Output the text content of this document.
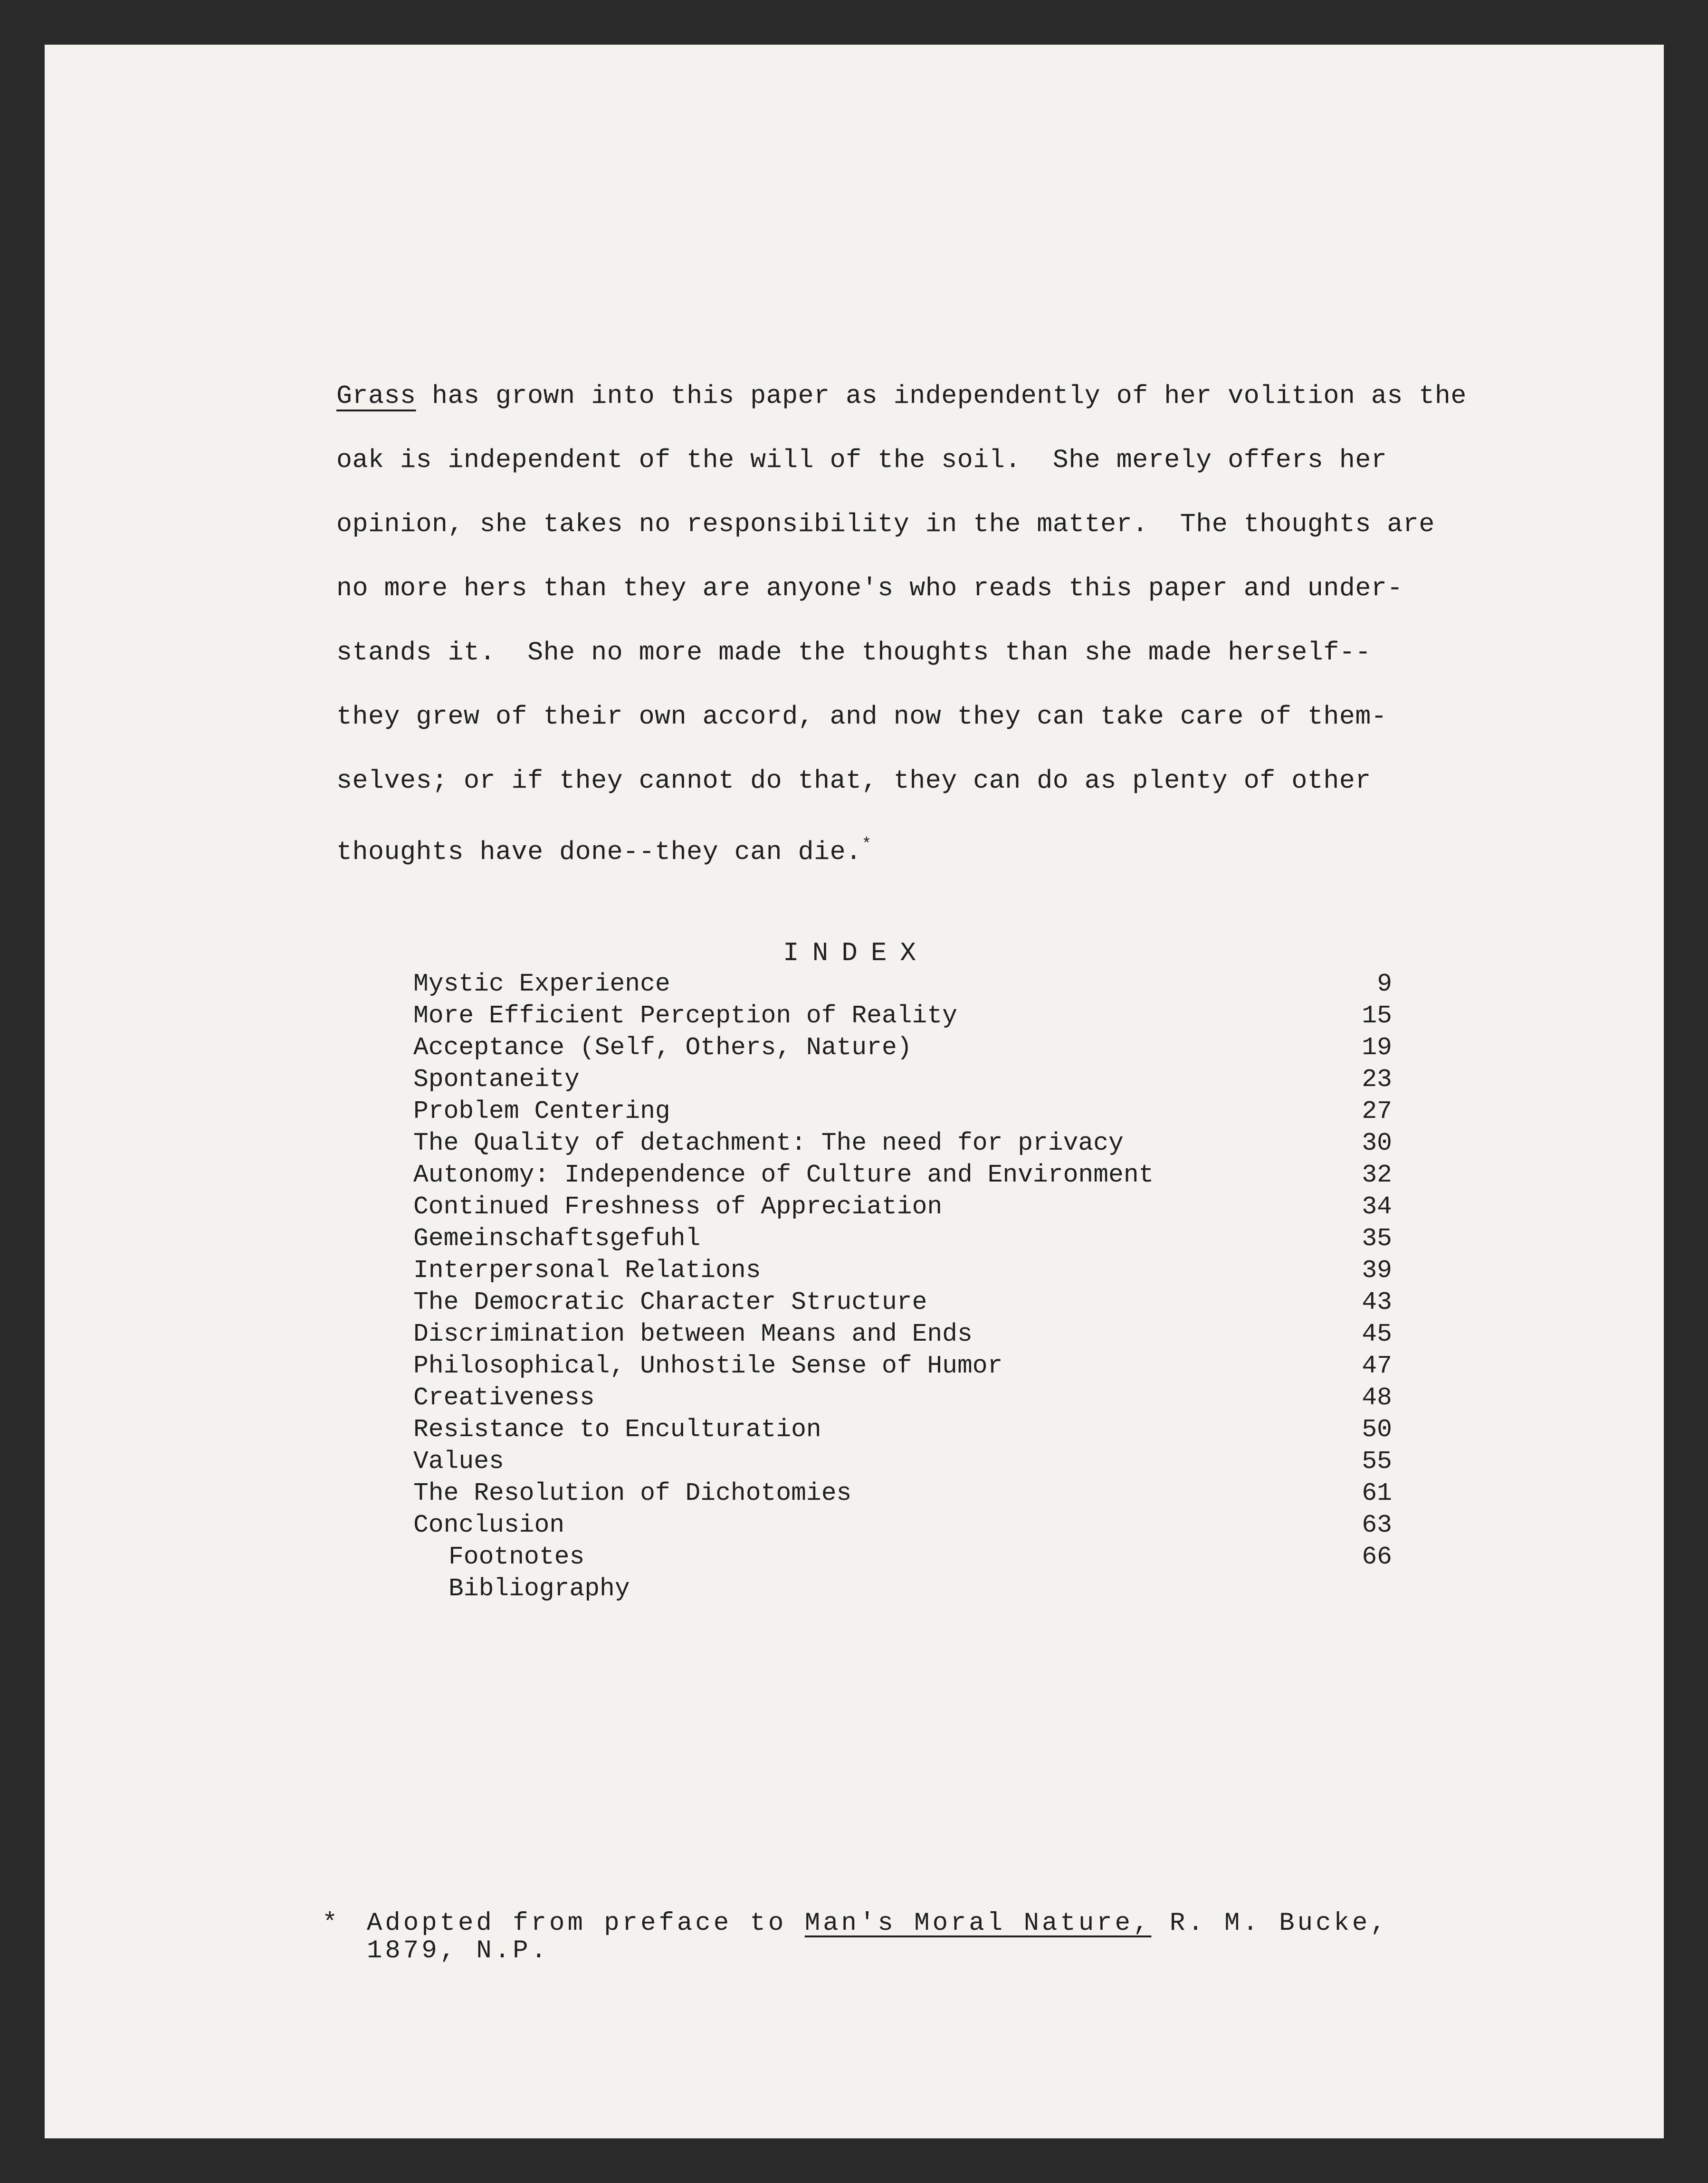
Grass has grown into this paper as independently of her volition as the
oak is independent of the will of the soil.  She merely offers her
opinion, she takes no responsibility in the matter.  The thoughts are
no more hers than they are anyone's who reads this paper and under-
stands it.  She no more made the thoughts than she made herself--
they grew of their own accord, and now they can take care of them-
selves; or if they cannot do that, they can do as plenty of other
thoughts have done--they can die.*
INDEX
Mystic Experience	9
More Efficient Perception of Reality	15
Acceptance (Self, Others, Nature)	19
Spontaneity	23
Problem Centering	27
The Quality of detachment: The need for privacy	30
Autonomy: Independence of Culture and Environment	32
Continued Freshness of Appreciation	34
Gemeinschaftsgefuhl	35
Interpersonal Relations	39
The Democratic Character Structure	43
Discrimination between Means and Ends	45
Philosophical, Unhostile Sense of Humor	47
Creativeness	48
Resistance to Enculturation	50
Values	55
The Resolution of Dichotomies	61
Conclusion	63
Footnotes	66
Bibliography
* Adopted from preface to Man's Moral Nature, R. M. Bucke,
1879, N.P.
